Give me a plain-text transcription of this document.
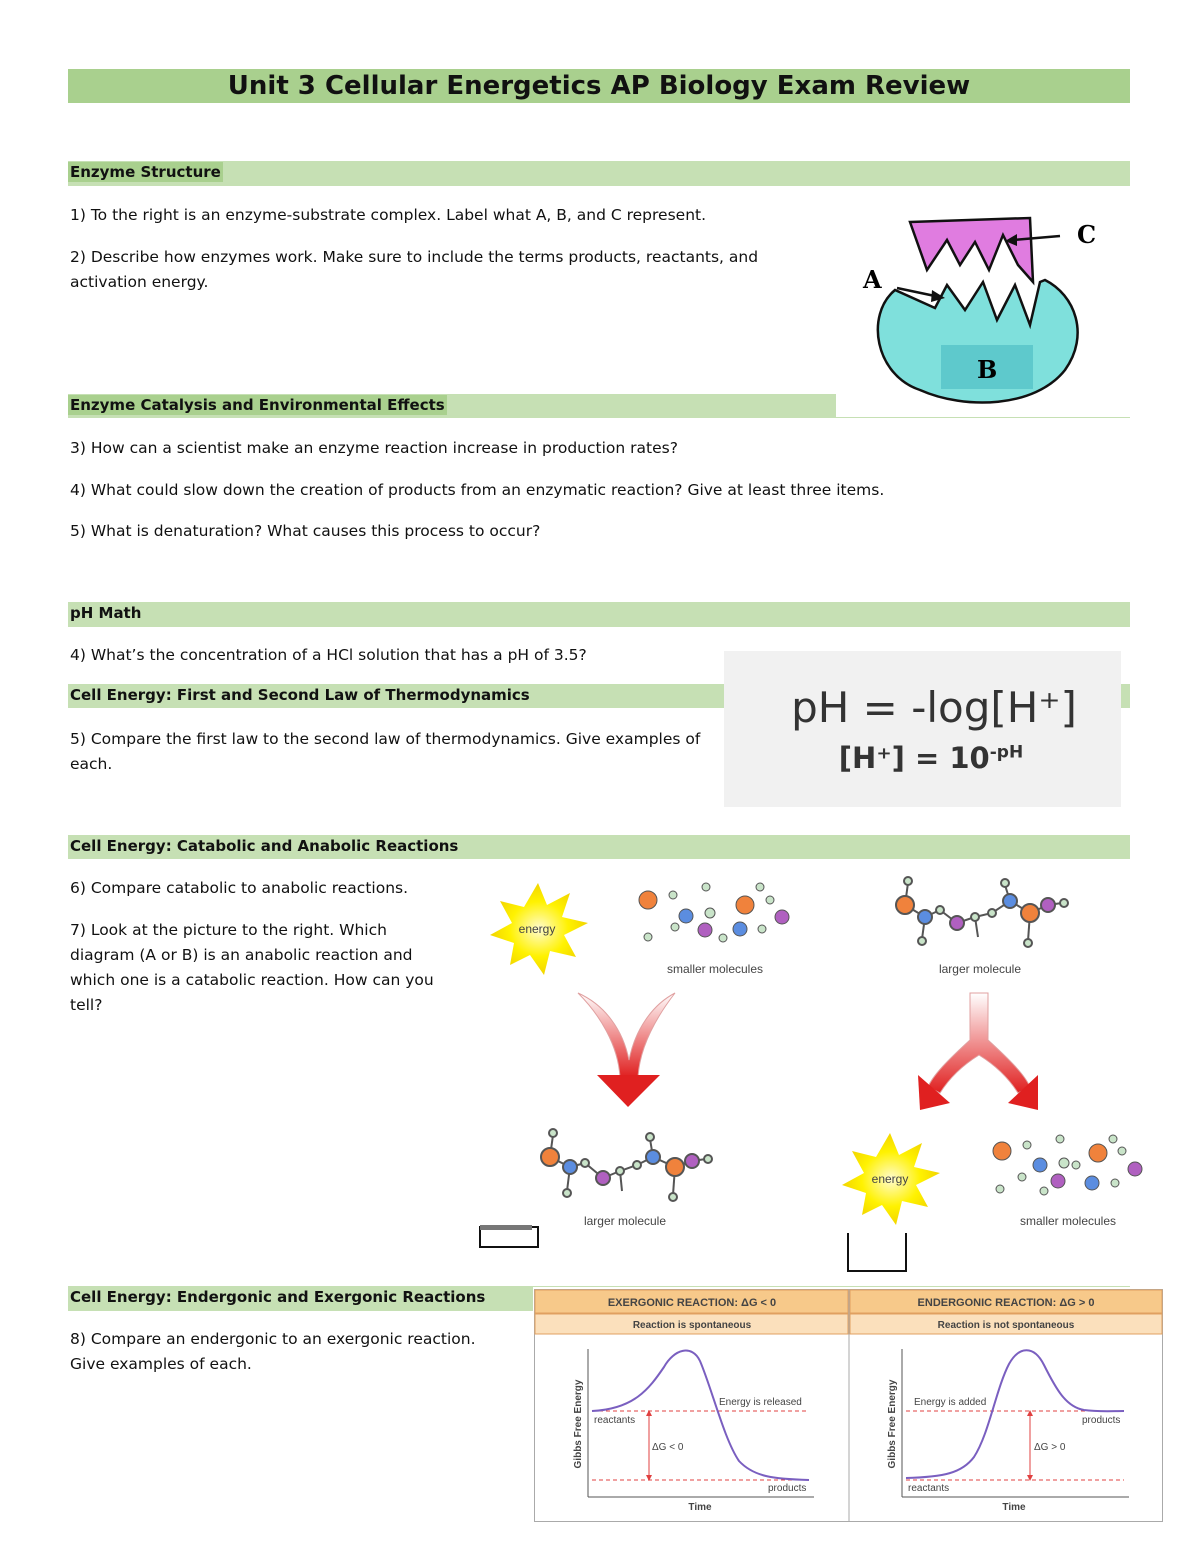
Unit 3 Cellular Energetics AP Biology Exam Review
Enzyme Structure
1) To the right is an enzyme-substrate complex. Label what A, B, and C represent.
2) Describe how enzymes work. Make sure to include the terms products, reactants, and activation energy.
C
A
B
Enzyme Catalysis and Environmental Effects
3) How can a scientist make an enzyme reaction increase in production rates?
4) What could slow down the creation of products from an enzymatic reaction? Give at least three items.
5) What is denaturation? What causes this process to occur?
pH Math
4) What’s the concentration of a HCl solution that has a pH of 3.5?
Cell Energy: First and Second Law of Thermodynamics
5) Compare the first law to the second law of thermodynamics. Give examples of each.
pH = -log[H⁺]
$[H^+] = 10^{-pH}$
Cell Energy: Catabolic and Anabolic Reactions
6) Compare catabolic to anabolic reactions.
7) Look at the picture to the right. Which diagram (A or B) is an anabolic reaction and which one is a catabolic reaction. How can you tell?
energy
smaller molecules	larger molecule
larger molecule
energy
smaller molecules
Cell Energy: Endergonic and Exergonic Reactions
8) Compare an endergonic to an exergonic reaction. Give examples of each.
EXERGONIC REACTION: ΔG < 0
Reaction is spontaneous
ENDERGONIC REACTION: ΔG > 0
Reaction is not spontaneous
Gibbs Free Energy
Time
reactants
products
Energy is released
ΔG < 0	Gibbs Free Energy
Time
reactants
products
Energy is added
ΔG > 0
